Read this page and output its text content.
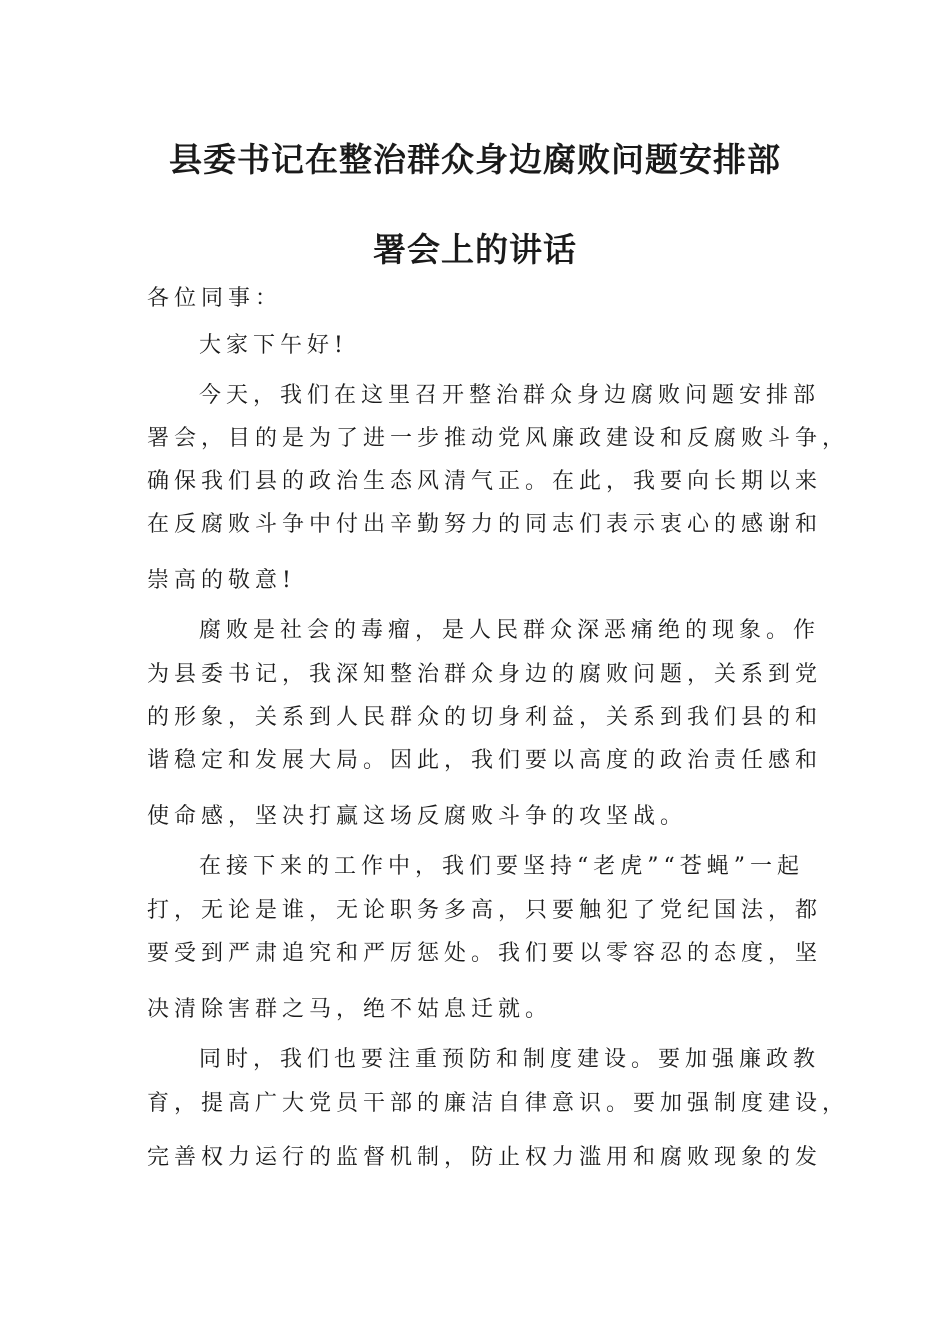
县委书记在整治群众身边腐败问题安排部
署会上的讲话
各位同事：
大家下午好!
今天，我们在这里召开整治群众身边腐败问题安排部
署会，目的是为了进一步推动党风廉政建设和反腐败斗争，
确保我们县的政治生态风清气正。在此，我要向长期以来
在反腐败斗争中付出辛勤努力的同志们表示衷心的感谢和
崇高的敬意!
腐败是社会的毒瘤，是人民群众深恶痛绝的现象。作
为县委书记，我深知整治群众身边的腐败问题，关系到党
的形象，关系到人民群众的切身利益，关系到我们县的和
谐稳定和发展大局。因此，我们要以高度的政治责任感和
使命感，坚决打赢这场反腐败斗争的攻坚战。
在接下来的工作中，我们要坚持“老虎”“苍蝇”一起
打，无论是谁，无论职务多高，只要触犯了党纪国法，都
要受到严肃追究和严厉惩处。我们要以零容忍的态度，坚
决清除害群之马，绝不姑息迁就。
同时，我们也要注重预防和制度建设。要加强廉政教
育，提高广大党员干部的廉洁自律意识。要加强制度建设，
完善权力运行的监督机制，防止权力滥用和腐败现象的发
